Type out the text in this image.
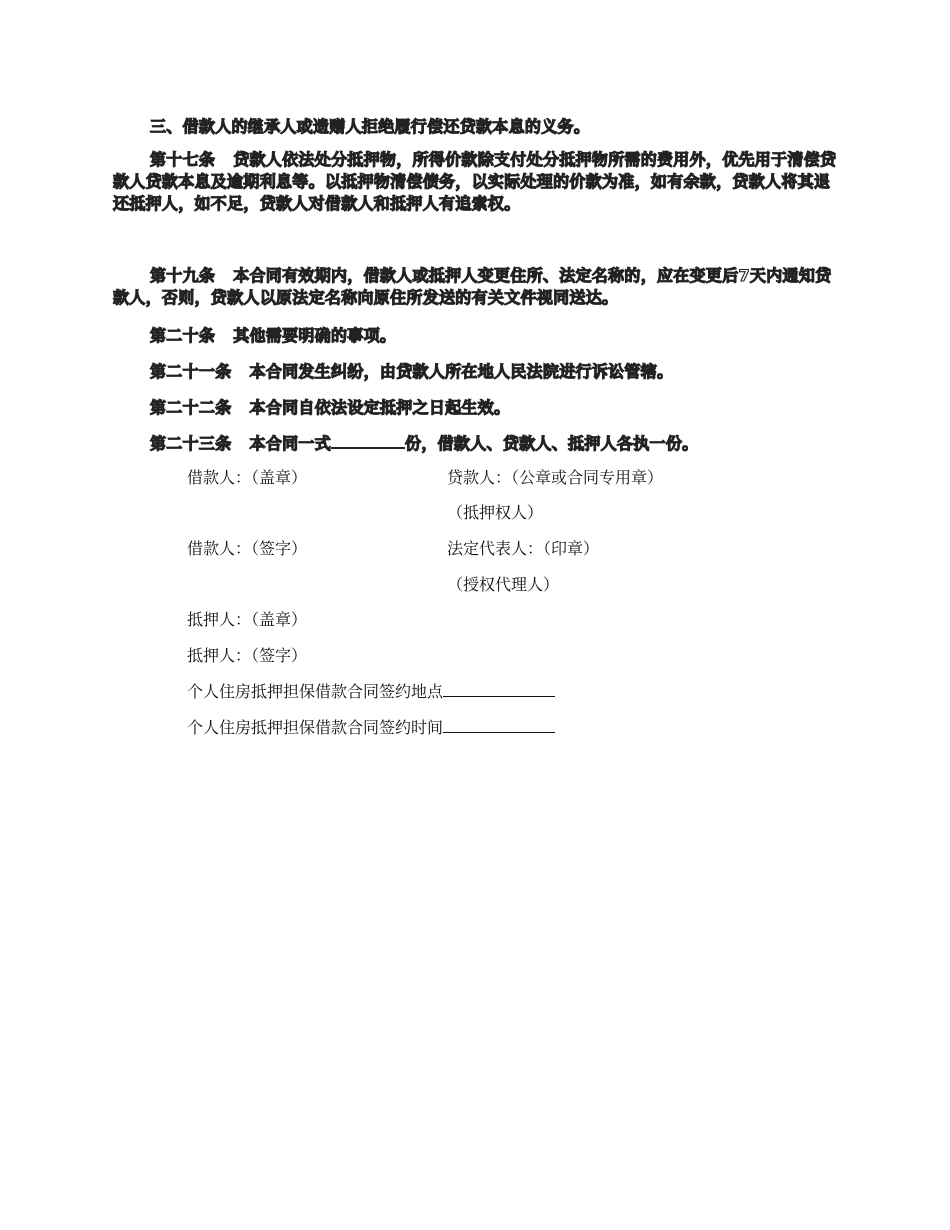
三、借款人的继承人或遗赠人拒绝履行偿还贷款本息的义务。

第十七条 贷款人依法处分抵押物，所得价款除支付处分抵押物所需的费用外，优先用于清偿贷款人贷款本息及逾期利息等。以抵押物清偿债务，以实际处理的价款为准，如有余款，贷款人将其退还抵押人，如不足，贷款人对借款人和抵押人有追索权。

第十九条 本合同有效期内，借款人或抵押人变更住所、法定名称的，应在变更后7天内通知贷款人，否则，贷款人以原法定名称向原住所发送的有关文件视同送达。

第二十条 其他需要明确的事项。

第二十一条 本合同发生纠纷，由贷款人所在地人民法院进行诉讼管辖。

第二十二条 本合同自依法设定抵押之日起生效。

第二十三条 本合同一式	份，借款人、贷款人、抵押人各执一份。

借款人：（盖章）	贷款人：（公章或合同专用章）

（抵押权人）

借款人：（签字）	法定代表人：（印章）

（授权代理人）

抵押人：（盖章）

抵押人：（签字）

个人住房抵押担保借款合同签约地点

个人住房抵押担保借款合同签约时间
